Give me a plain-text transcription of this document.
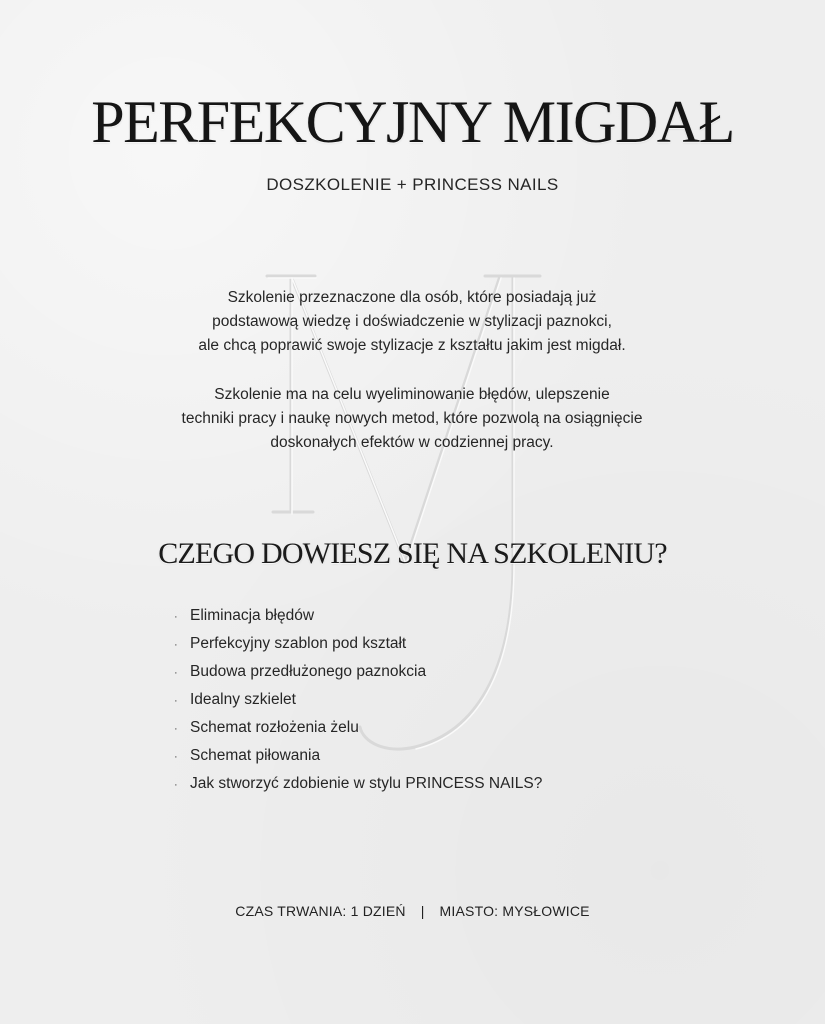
PERFEKCYJNY MIGDAŁ
DOSZKOLENIE + PRINCESS NAILS

Szkolenie przeznaczone dla osób, które posiadają już
podstawową wiedzę i doświadczenie w stylizacji paznokci,
ale chcą poprawić swoje stylizacje z kształtu jakim jest migdał.

Szkolenie ma na celu wyeliminowanie błędów, ulepszenie
techniki pracy i naukę nowych metod, które pozwolą na osiągnięcie
doskonałych efektów w codziennej pracy.

CZEGO DOWIESZ SIĘ NA SZKOLENIU?
· Eliminacja błędów
· Perfekcyjny szablon pod kształt
· Budowa przedłużonego paznokcia
· Idealny szkielet
· Schemat rozłożenia żelu
· Schemat piłowania
· Jak stworzyć zdobienie w stylu PRINCESS NAILS?
CZAS TRWANIA: 1 DZIEŃ | MIASTO: MYSŁOWICE
